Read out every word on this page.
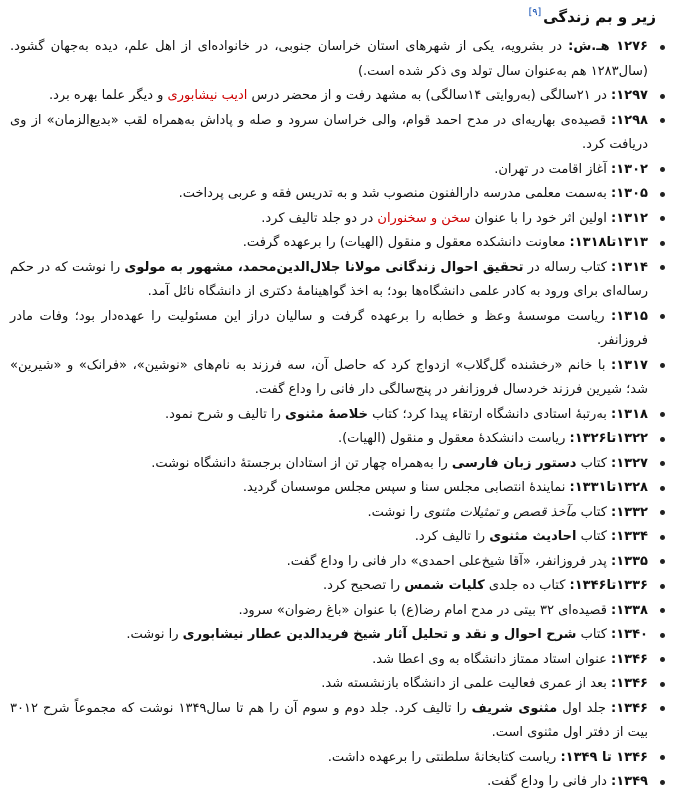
زیر و بم زندگی[۹]
۱۲۷۶ هـ.ش: در بشرویه، یکی از شهرهای استان خراسان جنوبی، در خانواده‌ای از اهل علم، دیده به‌جهان گشود. (سال۱۲۸۳ هم به‌عنوان سال تولد وی ذکر شده است.)
۱۲۹۷: در ۲۱سالگی (به‌روایتی ۱۴سالگی) به مشهد رفت و از محضر درس ادیب نیشابوری و دیگر علما بهره برد.
۱۲۹۸: قصیده‌ی بهاریه‌ای در مدح احمد قوام، والی خراسان سرود و صله و پاداش به‌همراه لقب «بدیع‌الزمان» از وی دریافت کرد.
۱۳۰۲: آغاز اقامت در تهران.
۱۳۰۵: به‌سمت معلمی مدرسه دارالفنون منصوب شد و به تدریس فقه و عربی پرداخت.
۱۳۱۲: اولین اثر خود را با عنوان سخن و سخنوران در دو جلد تالیف کرد.
۱۳۱۳تا۱۳۱۸: معاونت دانشکده معقول و منقول (الهیات) را برعهده گرفت.
۱۳۱۴: کتاب رساله در تحقیق احوال زندگانی مولانا جلال‌الدین‌محمد، مشهور به مولوی را نوشت که در حکم رساله‌ای برای ورود به کادر علمی دانشگاه‌ها بود؛ به اخذ گواهینامهٔ دکتری از دانشگاه نائل آمد.
۱۳۱۵: ریاست موسسهٔ وعظ و خطابه را برعهده گرفت و سالیان دراز این مسئولیت را عهده‌دار بود؛ وفات مادر فروزانفر.
۱۳۱۷: با خانم «رخشنده گل‌گلاب» ازدواج کرد که حاصل آن، سه فرزند به نام‌های «نوشین»، «فرانک» و «شیرین» شد؛ شیرین فرزند خردسال فروزانفر در پنج‌سالگی دار فانی را وداع گفت.
۱۳۱۸: به‌رتبهٔ استادی دانشگاه ارتقاء پیدا کرد؛ کتاب خلاصهٔ مثنوی را تالیف و شرح نمود.
۱۳۲۲تا۱۳۲۶: ریاست دانشکدهٔ معقول و منقول (الهیات).
۱۳۲۷: کتاب دستور زبان فارسی را به‌همراه چهار تن از استادان برجستهٔ دانشگاه نوشت.
۱۳۲۸تا۱۳۳۱: نمایندهٔ انتصابی مجلس سنا و سپس مجلس موسسان گردید.
۱۳۳۲: کتاب مآخذ قصص و تمثیلات مثنوی را نوشت.
۱۳۳۴: کتاب احادیث مثنوی را تالیف کرد.
۱۳۳۵: پدر فروزانفر، «آقا شیخ‌علی احمدی» دار فانی را وداع گفت.
۱۳۳۶تا۱۳۴۶: کتاب ده جلدی کلیات شمس را تصحیح کرد.
۱۳۳۸: قصیده‌ای ۳۲ بیتی در مدح امام رضا(ع) با عنوان «باغ رضوان» سرود.
۱۳۴۰: کتاب شرح احوال و نقد و تحلیل آثار شیخ فریدالدین عطار نیشابوری را نوشت.
۱۳۴۶: عنوان استاد ممتاز دانشگاه به وی اعطا شد.
۱۳۴۶: بعد از عمری فعالیت علمی از دانشگاه بازنشسته شد.
۱۳۴۶: جلد اول مثنوی شریف را تالیف کرد. جلد دوم و سوم آن را هم تا سال۱۳۴۹ نوشت که مجموعاً شرح ۳۰۱۲ بیت از دفتر اول مثنوی است.
۱۳۴۶ تا ۱۳۴۹: ریاست کتابخانهٔ سلطنتی را برعهده داشت.
۱۳۴۹: دار فانی را وداع گفت.
